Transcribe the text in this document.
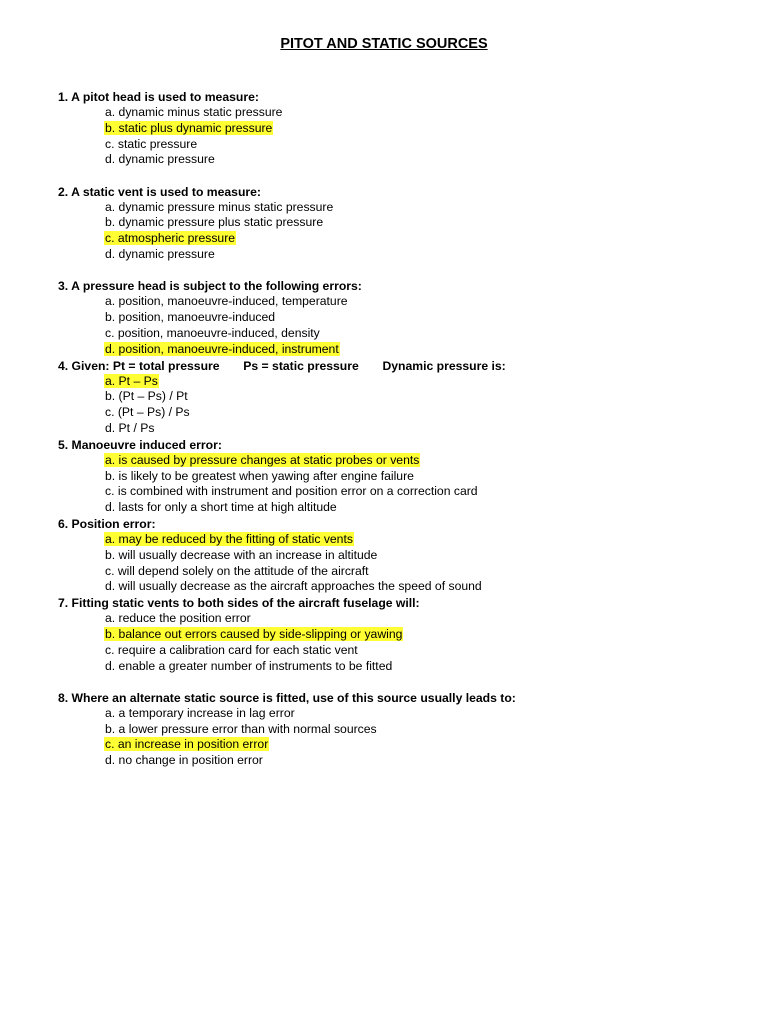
PITOT AND STATIC SOURCES
1. A pitot head is used to measure:
a. dynamic minus static pressure
b. static plus dynamic pressure
c. static pressure
d. dynamic pressure
2. A static vent is used to measure:
a. dynamic pressure minus static pressure
b. dynamic pressure plus static pressure
c. atmospheric pressure
d. dynamic pressure
3. A pressure head is subject to the following errors:
a. position, manoeuvre-induced, temperature
b. position, manoeuvre-induced
c. position, manoeuvre-induced, density
d. position, manoeuvre-induced, instrument
4. Given: Pt = total pressure       Ps = static pressure       Dynamic pressure is:
a. Pt – Ps
b. (Pt – Ps) / Pt
c. (Pt – Ps) / Ps
d. Pt / Ps
5. Manoeuvre induced error:
a. is caused by pressure changes at static probes or vents
b. is likely to be greatest when yawing after engine failure
c. is combined with instrument and position error on a correction card
d. lasts for only a short time at high altitude
6. Position error:
a. may be reduced by the fitting of static vents
b. will usually decrease with an increase in altitude
c. will depend solely on the attitude of the aircraft
d. will usually decrease as the aircraft approaches the speed of sound
7. Fitting static vents to both sides of the aircraft fuselage will:
a. reduce the position error
b. balance out errors caused by side-slipping or yawing
c. require a calibration card for each static vent
d. enable a greater number of instruments to be fitted
8. Where an alternate static source is fitted, use of this source usually leads to:
a. a temporary increase in lag error
b. a lower pressure error than with normal sources
c. an increase in position error
d. no change in position error
